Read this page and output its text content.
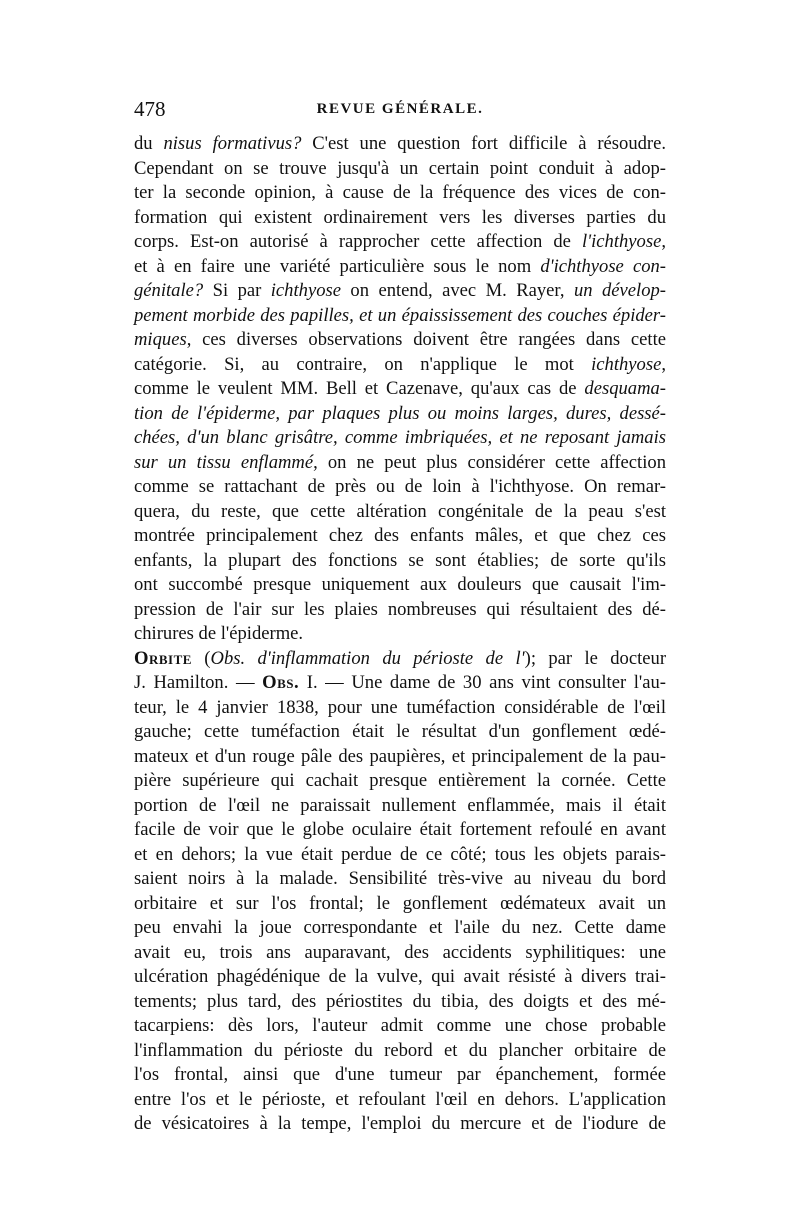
478	REVUE GÉNÉRALE.
du nisus formativus? C'est une question fort difficile à résoudre.
Cependant on se trouve jusqu'à un certain point conduit à adop-
ter la seconde opinion, à cause de la fréquence des vices de con-
formation qui existent ordinairement vers les diverses parties du
corps. Est-on autorisé à rapprocher cette affection de l'ichthyose,
et à en faire une variété particulière sous le nom d'ichthyose con-
génitale? Si par ichthyose on entend, avec M. Rayer, un dévelop-
pement morbide des papilles, et un épaississement des couches épider-
miques, ces diverses observations doivent être rangées dans cette
catégorie. Si, au contraire, on n'applique le mot ichthyose,
comme le veulent MM. Bell et Cazenave, qu'aux cas de desquama-
tion de l'épiderme, par plaques plus ou moins larges, dures, dessé-
chées, d'un blanc grisâtre, comme imbriquées, et ne reposant jamais
sur un tissu enflammé, on ne peut plus considérer cette affection
comme se rattachant de près ou de loin à l'ichthyose. On remar-
quera, du reste, que cette altération congénitale de la peau s'est
montrée principalement chez des enfants mâles, et que chez ces
enfants, la plupart des fonctions se sont établies; de sorte qu'ils
ont succombé presque uniquement aux douleurs que causait l'im-
pression de l'air sur les plaies nombreuses qui résultaient des dé-
chirures de l'épiderme.
Orbite (Obs. d'inflammation du périoste de l'); par le docteur
J. Hamilton. — Obs. I. — Une dame de 30 ans vint consulter l'au-
teur, le 4 janvier 1838, pour une tuméfaction considérable de l'œil
gauche; cette tuméfaction était le résultat d'un gonflement œdé-
mateux et d'un rouge pâle des paupières, et principalement de la pau-
pière supérieure qui cachait presque entièrement la cornée. Cette
portion de l'œil ne paraissait nullement enflammée, mais il était
facile de voir que le globe oculaire était fortement refoulé en avant
et en dehors; la vue était perdue de ce côté; tous les objets parais-
saient noirs à la malade. Sensibilité très-vive au niveau du bord
orbitaire et sur l'os frontal; le gonflement œdémateux avait un
peu envahi la joue correspondante et l'aile du nez. Cette dame
avait eu, trois ans auparavant, des accidents syphilitiques: une
ulcération phagédénique de la vulve, qui avait résisté à divers trai-
tements; plus tard, des périostites du tibia, des doigts et des mé-
tacarpiens: dès lors, l'auteur admit comme une chose probable
l'inflammation du périoste du rebord et du plancher orbitaire de
l'os frontal, ainsi que d'une tumeur par épanchement, formée
entre l'os et le périoste, et refoulant l'œil en dehors. L'application
de vésicatoires à la tempe, l'emploi du mercure et de l'iodure de
